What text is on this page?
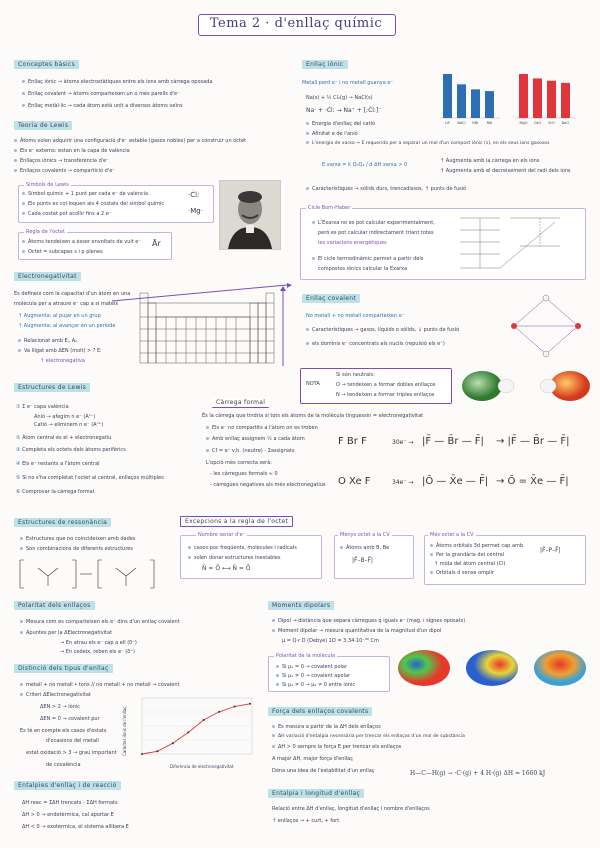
Tema 2 · d'enllaç químic
Conceptes bàsics
Enllaç iònic → àtoms electrostàtiques entre els ions amb càrrega oposada
Enllaç covalent → àtoms comparteixen un o més parells d'e⁻
Enllaç metàl·lic → cada àtom està unit a diversos àtoms veïns
Teoria de Lewis
Àtoms volen adquirir una configuració d'e⁻ estable (gasos nobles) per a construir un octet
Els e⁻ externs: estan en la capa de valència
Enllaços iònics → transferència d'e⁻
Enllaços covalents → compartició d'e⁻
Símbols de Lewis
Símbol químic + 1 punt per cada e⁻ de valència
Els punts es col·loquen als 4 costats del símbol químic
Cada costat pot acollir fins a 2 e⁻
·Ċl:
·Mg·
Regla de l'octet
Àtoms tendeixen a ésser envoltats de vuit e⁻
Octet = subcapes s i p plenes
Ār
Electronegativitat
Es defineix com la capacitat d'un àtom en una
molècula per a atraure e⁻ cap a si mateix
↑ Augmenta: al pujar en un grup
↑ Augmenta: al avançar en un període
Relacionat amb Eᵢ, Aₑ
Va lligat amb ΔEN (molt) > ? Eᵢ
↑ electronegativa
Estructures de Lewis
① Σ e⁻ capa valència
Anió → afegim n e⁻ (Aⁿ⁻)
Catió → eliminem n e⁻ (Aⁿ⁺)
② Àtom central és el + electronegatiu
③ Completa els octets dels àtoms perifèrics
④ Els e⁻ restants a l'àtom central
⑤ Si no s'ha completat l'octet al central, enllaços múltiples
⑥ Comprovar la càrrega formal
Càrrega formal
És la càrrega que tindria si tots els àtoms de la molècula tinguessin = electronegativitat
Els e⁻ no compartits a l'àtom on es troben
Amb enllaç assignem ½ a cada àtom
Cf = e⁻ v.h. (neutre) - Σassignats
L'opció més correcta serà:
- les càrregues formals ≈ 0
- càrregues negatives als més electronegatius
Enllaç iònic
Metall perd e⁻ i no metall guanya e⁻
Na(s) + ½ Cl₂(g) → NaCl(s)
Na· + ·Ċl: → Na⁺ + [:Ċl:]⁻
Energia d'enllaç del catió
Afinitat e de l'anió
L'energia de xarxa → E requerida per a separar un mol d'un compost iònic (s), en els seus ions gasosos
E xarxa = k Q₁Q₂ / d ΔH xarxa > 0
↑ Augmenta amb la càrrega en els ions
↑ Augmenta amb el decreixement del radi dels ions
Característiques → sòlids durs, trencadissos, ↑ punts de fusió
LiF NaCl KBr RbI	MgO CaO SrO BaO
Cicle Born-Haber
L'Exarxa no es pot calcular experimentalment,
però es pot calcular indirectament triant totes
les variacions energètiques
El cicle termodinàmic permet a partir dels
compostos iònics calcular la Exarxa
Enllaç covalent
No metall + no metall comparteixen e⁻
Característiques → gasos, líquids o sòlids, ↓ punts de fusió
els dominis e⁻ concentrats als nuclis (repulsió els e⁻)
NOTA
Si són neutrals:
O → tendeixen a formar dobles enllaços
N → tendeixen a formar triples enllaços
F Br F	30e⁻ → |F̄ — B̄r — F̄| → |F̄ — B̄r — F̄|
O Xe F	34e⁻ → |Ō — X̄e — F̄| → Ō = X̄e — F̄|
Estructures de ressonància
Estructures que no coincideixen amb dades
Son combinacions de diferents estructures
Excepcions a la regla de l'octet
Nombre senar d'e⁻
casos poc freqüents, molècules i radicals
solen donar estructures inestables
N̄ = Ō ⟷ N̄ = Ō
Menys octet a la CV
Àtoms amb B, Be
|F̄–B–F̄|
Més octet a la CV
Àtoms orbitals 3d permet cap amb
Per la grandària del central
↑ mida del àtom central (Cl)
Orbitals d sense omplir
|F̄–P–F̄|
Polaritat dels enllaços
Mesura com es comparteixen els e⁻ dins d'un enllaç covalent
Apuntes per la ΔElectronegativitat
→ En atrau els e⁻ cap a ell (δ⁻)
→ En cedeix, reben els e⁻ (δ⁺)
Distinció dels tipus d'enllaç
metall + no metall • tons // no metall + no metall → covalent
Criteri ΔElectronegativitat
ΔEN > 2 → iònic
ΔEN = 0 → covalent pur
Es té en compte els casos d'estats
d'ocasions del metall
estat oxidació > 3 → grau important
de covalència	Diferència de electronegativitat
Caràcter iònic de l'enllaç
Entalpies d'enllaç i de reacció
ΔH reac = ΣΔH trencats - ΣΔH formats
ΔH > 0 → endotèrmica, cal aportar E
ΔH < 0 → exotèrmica, el sistema allibera E
Moments dipolars
Dipol → distància que separa càrregues q iguals e⁻ (mag. i signes oposats)
Moment dipolar → mesura quantitativa de la magnitud d'un dipol
μ = Q·r D (Debye) 1D = 3,34·10⁻³⁰ Cm
Polaritat de la molècula
Si μ₁ = 0 → covalent polar
Si μ₁ ≠ 0 → covalent apolar
Si μ₁ ≠ 0 → μ₂ ≠ 0 entre iònic
Força dels enllaços covalents
Es mesura a partir de la ΔH dels enllaços
ΔH variació d'entalpia necessària per trencar els enllaços d'un mol de substància
ΔH > 0 sempre la força E per trencar els enllaços
A major ΔH, major força d'enllaç
Dóna una idea de l'estabilitat d'un enllaç	H—C—H(g) → ·C·(g) + 4 H·(g) ΔH = 1660 kJ
Entalpia i longitud d'enllaç
Relació entre ΔH d'enllaç, longitud d'enllaç i nombre d'enllaços
↑ enllaços → + curt, + fort
